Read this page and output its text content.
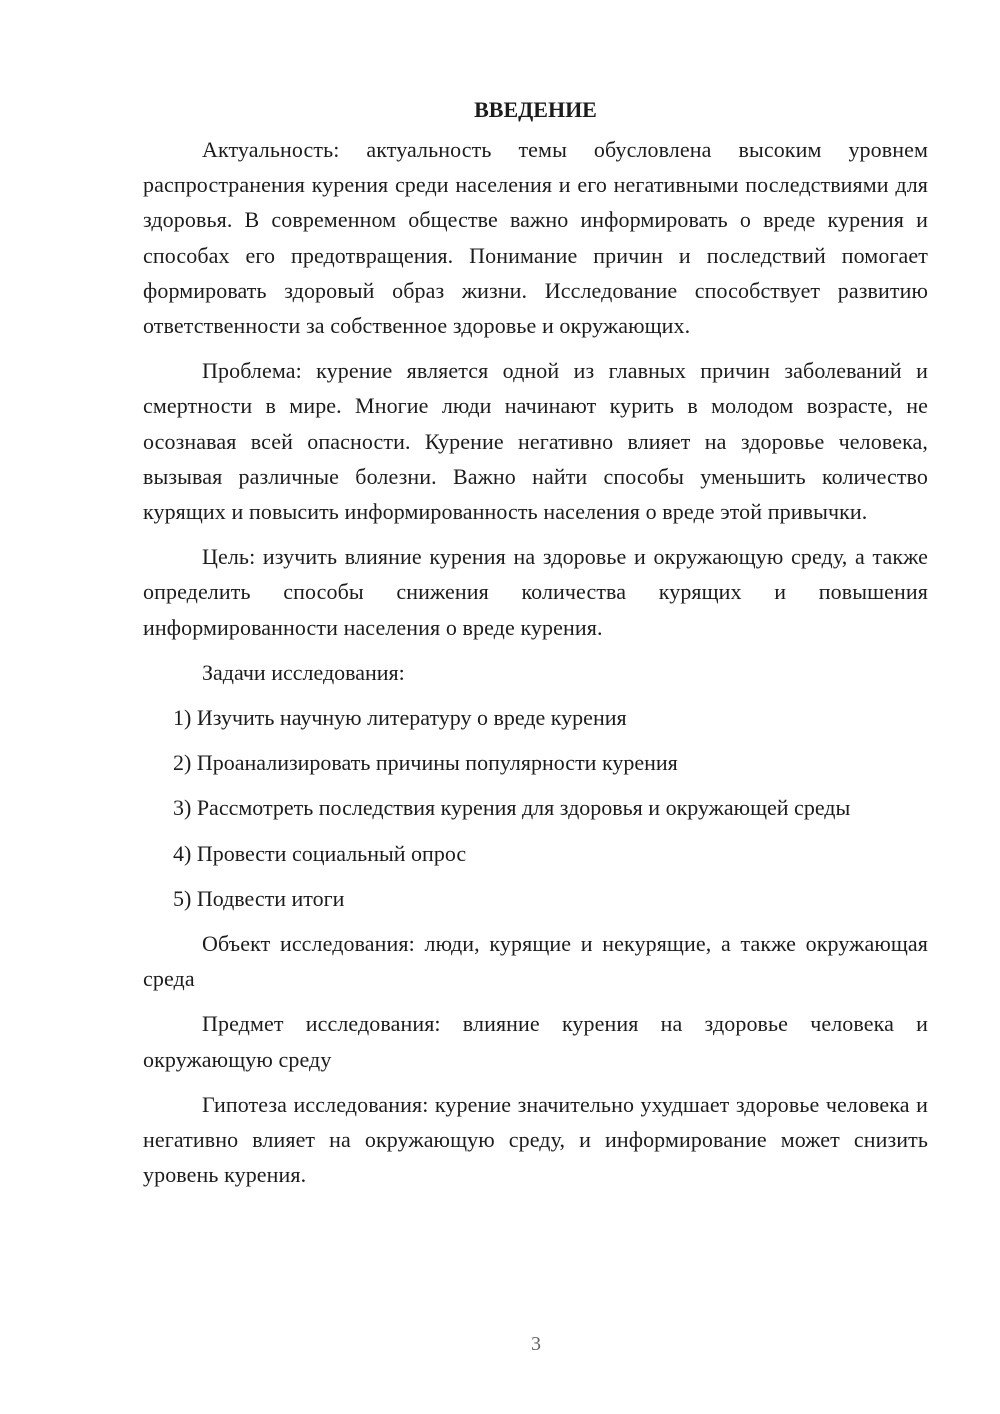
ВВЕДЕНИЕ

Актуальность: актуальность темы обусловлена высоким уровнем распространения курения среди населения и его негативными последствиями для здоровья. В современном обществе важно информировать о вреде курения и способах его предотвращения. Понимание причин и последствий помогает формировать здоровый образ жизни. Исследование способствует развитию ответственности за собственное здоровье и окружающих.

Проблема: курение является одной из главных причин заболеваний и смертности в мире. Многие люди начинают курить в молодом возрасте, не осознавая всей опасности. Курение негативно влияет на здоровье человека, вызывая различные болезни. Важно найти способы уменьшить количество курящих и повысить информированность населения о вреде этой привычки.

Цель: изучить влияние курения на здоровье и окружающую среду, а также определить способы снижения количества курящих и повышения информированности населения о вреде курения.

Задачи исследования:

1) Изучить научную литературу о вреде курения

2) Проанализировать причины популярности курения

3) Рассмотреть последствия курения для здоровья и окружающей среды

4) Провести социальный опрос

5) Подвести итоги

Объект исследования: люди, курящие и некурящие, а также окружающая среда

Предмет исследования: влияние курения на здоровье человека и окружающую среду

Гипотеза исследования: курение значительно ухудшает здоровье человека и негативно влияет на окружающую среду, и информирование может снизить уровень курения.

3
